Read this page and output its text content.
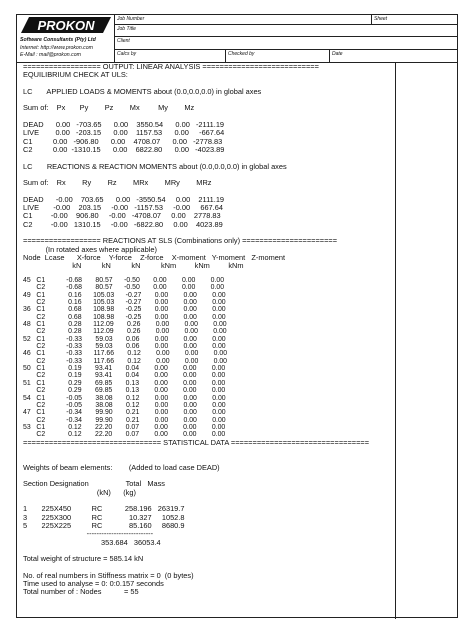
PROKON
Software Consultants (Pty) Ltd
Internet: http://www.prokon.com
E-Mail : mail@prokon.com
Job Number	Sheet
Job Title
Client
Calcs by	Checked by	Date
================== OUTPUT: LINEAR ANALYSIS ===========================
EQUILIBRIUM CHECK AT ULS:

LC       APPLIED LOADS & MOMENTS about (0.0,0.0,0.0) in global axes

Sum of:    Px       Py        Pz        Mx         My        Mz

DEAD      0.00   -703.65      0.00    3550.54      0.00   -2111.19
LIVE        0.00   -203.15      0.00    1157.53      0.00     -667.64
C1          0.00   -906.80      0.00    4708.07      0.00   -2778.83
C2          0.00  -1310.15      0.00    6822.80      0.00   -4023.89

LC       REACTIONS & REACTION MOMENTS about (0.0,0.0,0.0) in global axes

Sum of:    Rx        Ry        Rz        MRx        MRy        MRz

DEAD      -0.00    703.65      0.00   -3550.54     0.00    2111.19
LIVE       -0.00    203.15     -0.00   -1157.53     -0.00     667.64
C1         -0.00    906.80     -0.00   -4708.07     0.00    2778.83
C2         -0.00   1310.15     -0.00   -6822.80     0.00    4023.89

================== REACTIONS AT SLS (Combinations only) ======================
(In rotated axes where applicable)
Node  Lcase      X-force    Y-force    Z-force    X-moment   Y-moment   Z-moment
kN          kN          kN          kNm         kNm         kNm
45   C1           -0.68       80.57      -0.50       0.00        0.00        0.00
C2           -0.68       80.57      -0.50       0.00        0.00        0.00
49   C1            0.16      105.03      -0.27       0.00        0.00        0.00
C2            0.16      105.03      -0.27       0.00        0.00        0.00
36   C1            0.68      108.98      -0.25       0.00        0.00        0.00
C2            0.68      108.98      -0.25       0.00        0.00        0.00
48   C1            0.28      112.09       0.26        0.00        0.00        0.00
C2            0.28      112.09       0.26        0.00        0.00        0.00
52   C1           -0.33       59.03       0.06        0.00        0.00        0.00
C2           -0.33       59.03       0.06        0.00        0.00        0.00
46   C1           -0.33      117.66       0.12        0.00        0.00        0.00
C2           -0.33      117.66       0.12        0.00        0.00        0.00
50   C1            0.19       93.41       0.04        0.00        0.00        0.00
C2            0.19       93.41       0.04        0.00        0.00        0.00
51   C1            0.29       69.85       0.13        0.00        0.00        0.00
C2            0.29       69.85       0.13        0.00        0.00        0.00
54   C1           -0.05       38.08       0.12        0.00        0.00        0.00
C2           -0.05       38.08       0.12        0.00        0.00        0.00
47   C1           -0.34       99.90       0.21        0.00        0.00        0.00
C2           -0.34       99.90       0.21        0.00        0.00        0.00
53   C1            0.12       22.20       0.07        0.00        0.00        0.00
C2            0.12       22.20       0.07        0.00        0.00        0.00
================================ STATISTICAL DATA ================================

Weights of beam elements:        (Added to load case DEAD)

Section Designation                  Total   Mass
(kN)      (kg)

1       225X450          RC           258.196   26319.7
3       225X300          RC             10.327     1052.8
5       225X225          RC             85.160     8680.9
---------------------------
353.684   36053.4

Total weight of structure = 585.14 kN

No. of real numbers in Stiffness matrix = 0  (0 bytes)
Time used to analyse = 0: 0:0.157 seconds
Total number of : Nodes           = 55
